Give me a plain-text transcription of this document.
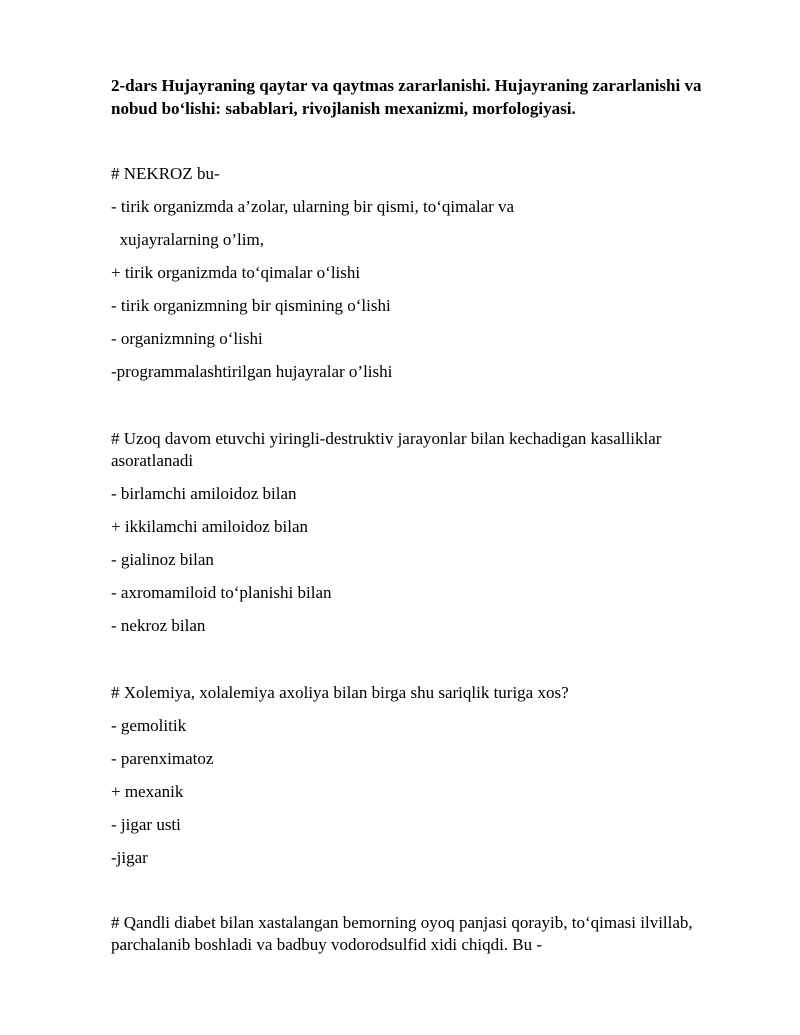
2-dars Hujayraning qaytar va qaytmas zararlanishi. Hujayraning zararlanishi va nobud bo‘lishi: sabablari, rivojlanish mexanizmi, morfologiyasi.

# NEKROZ bu-
- tirik organizmda a’zolar, ularning bir qismi, to‘qimalar va
xujayralarning o’lim,
+ tirik organizmda to‘qimalar o‘lishi
- tirik organizmning bir qismining o‘lishi
- organizmning o‘lishi
-programmalashtirilgan hujayralar o’lishi
# Uzoq davom etuvchi yiringli-destruktiv jarayonlar bilan kechadigan kasalliklar asoratlanadi
- birlamchi amiloidoz bilan
+ ikkilamchi amiloidoz bilan
- gialinoz bilan
- axromamiloid to‘planishi bilan
- nekroz bilan
# Xolemiya, xolalemiya axoliya bilan birga shu sariqlik turiga xos?
- gemolitik
- parenximatoz
+ mexanik
- jigar usti
-jigar
# Qandli diabet bilan xastalangan bemorning oyoq panjasi qorayib, to‘qimasi ilvillab, parchalanib boshladi va badbuy vodorodsulfid xidi chiqdi. Bu -
